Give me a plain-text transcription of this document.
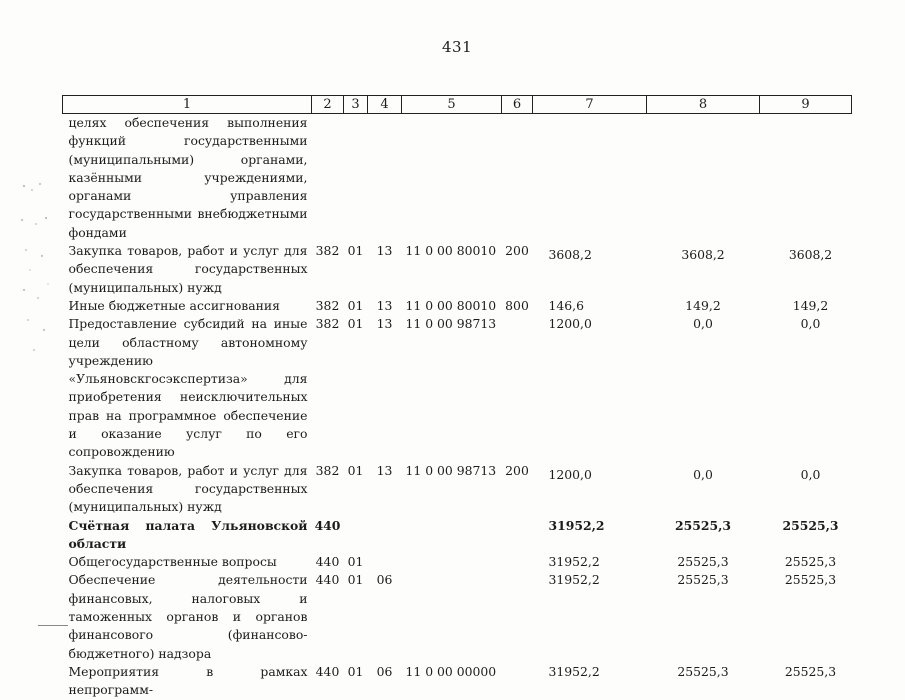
431
1	2	3	4	5	6	7	8	9
целях обеспечения выполнения функций государственными (муниципальными) органами, казёнными учреждениями, органами управления государственными внебюджетными фондами								
Закупка товаров, работ и услуг для обеспечения государственных (муниципальных) нужд	382	01	13	11 0 00 80010	200	3608,2	3608,2	3608,2
Иные бюджетные ассигнования	382	01	13	11 0 00 80010	800	146,6	149,2	149,2
Предоставление субсидий на иные цели областному автономному учреждению «Ульяновскгосэкспертиза» для приобретения неисключительных прав на программное обеспечение и оказание услуг по его сопровождению	382	01	13	11 0 00 98713		1200,0	0,0	0,0
Закупка товаров, работ и услуг для обеспечения государственных (муниципальных) нужд	382	01	13	11 0 00 98713	200	1200,0	0,0	0,0
Счётная палата Ульяновской области	440					31952,2	25525,3	25525,3
Общегосударственные вопросы	440	01				31952,2	25525,3	25525,3
Обеспечение деятельности финансовых, налоговых и таможенных органов и органов финансового (финансово-бюджетного) надзора	440	01	06			31952,2	25525,3	25525,3
Мероприятия в рамках непрограмм-	440	01	06	11 0 00 00000		31952,2	25525,3	25525,3
